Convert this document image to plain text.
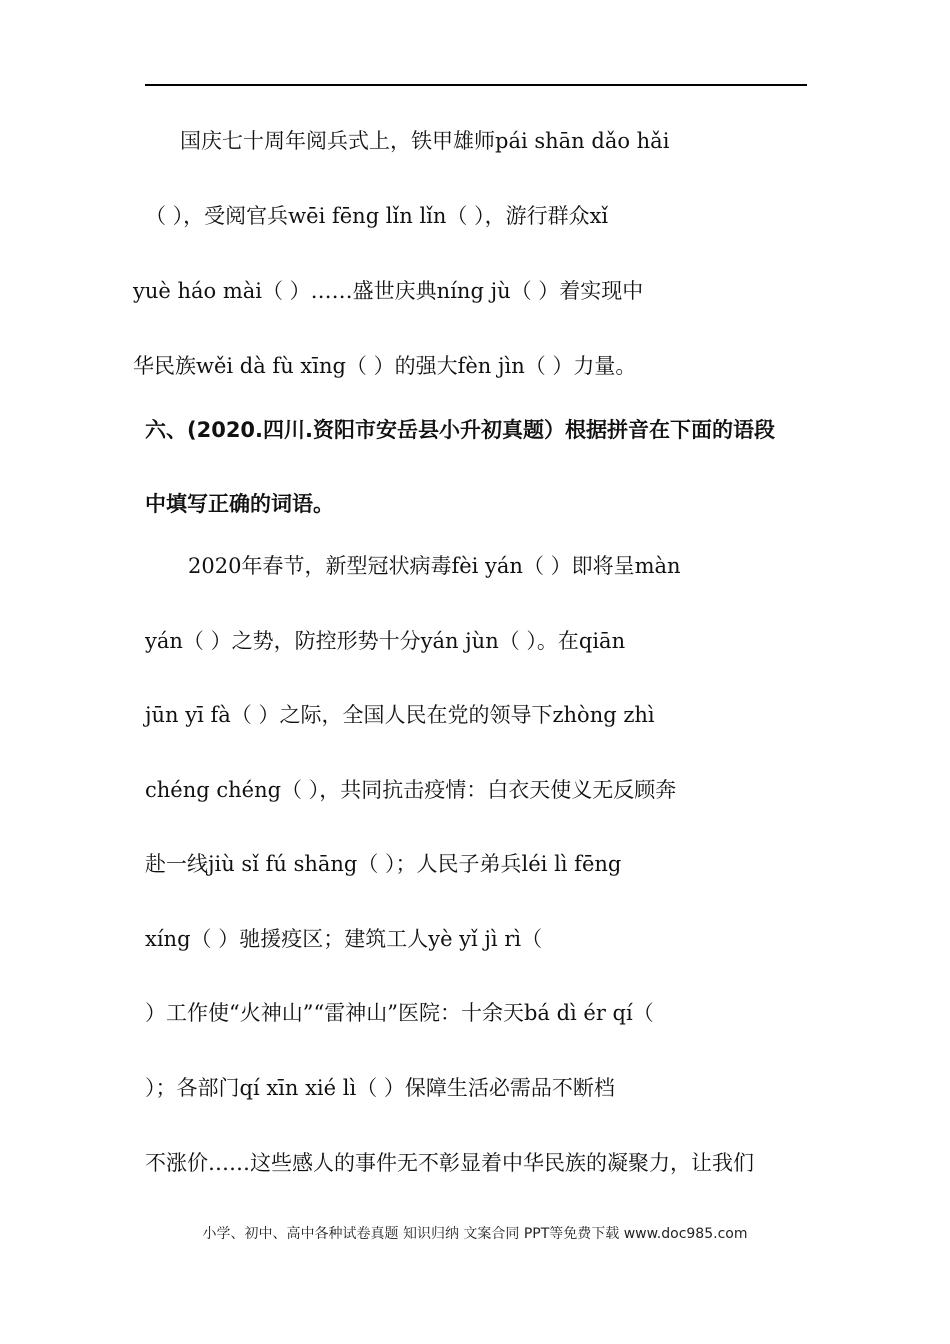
国庆七十周年阅兵式上，铁甲雄师pái shān dǎo hǎi
（ ），受阅官兵wēi fēng lǐn lǐn（ ），游行群众xǐ
yuè háo mài（ ）……盛世庆典níng jù（ ）着实现中
华民族wěi dà fù xīng（ ）的强大fèn jìn（ ）力量。
六、(2020.四川.资阳市安岳县小升初真题）根据拼音在下面的语段
中填写正确的词语。
2020年春节，新型冠状病毒fèi yán（ ）即将呈màn
yán（ ）之势，防控形势十分yán jùn（ ）。在qiān
jūn yī fà（ ）之际，全国人民在党的领导下zhòng zhì
chéng chéng（ ），共同抗击疫情：白衣天使义无反顾奔
赴一线jiù sǐ fú shāng（ ）；人民子弟兵léi lì fēng
xíng（ ）驰援疫区；建筑工人yè yǐ jì rì（
）工作使“火神山”“雷神山”医院：十余天bá dì ér qí（
）；各部门qí xīn xié lì（ ）保障生活必需品不断档
不涨价……这些感人的事件无不彰显着中华民族的凝聚力，让我们
小学、初中、高中各种试卷真题 知识归纳 文案合同 PPT等免费下载 www.doc985.com
